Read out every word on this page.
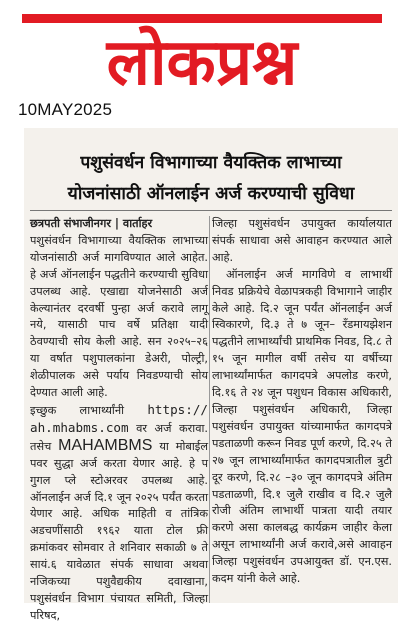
लोकप्रश्न
10MAY2025
पशुसंवर्धन विभागाच्या वैयक्तिक लाभाच्या
योजनांसाठी ऑनलाईन अर्ज करण्याची सुविधा

छत्रपती संभाजीनगर | वार्ताहर

पशुसंवर्धन विभागाच्या वैयक्तिक लाभाच्या योजनांसाठी अर्ज मागविण्यात आले आहेत. हे अर्ज ऑनलाईन पद्धतीने करण्याची सुविधा उपलब्ध आहे. एखाद्या योजनेसाठी अर्ज केल्यानंतर दरवर्षी पुन्हा अर्ज करावे लागू नये, यासाठी पाच वर्षे प्रतिक्षा यादी ठेवण्याची सोय केली आहे. सन २०२५–२६ या वर्षात पशुपालकांना डेअरी, पोल्ट्री, शेळीपालक असे पर्याय निवडण्याची सोय देण्यात आली आहे.

इच्छुक लाभार्थ्यांनी https:// ah.mhabms.com वर अर्ज करावा. तसेच MAHAMBMS या मोबाईल पवर सुद्धा अर्ज करता येणार आहे. हे प गुगल प्ले स्टोअरवर उपलब्ध आहे. ऑनलाईन अर्ज दि.१ जून २०२५ पर्यंत करता येणार आहे. अधिक माहिती व तांत्रिक अडचणींसाठी १९६२ याता टोल फ्री क्रमांकवर सोमवार ते शनिवार सकाळी ७ ते सायं.६ यावेळात संपर्क साधावा अथवा नजिकच्या पशुवैद्यकीय दवाखाना, पशुसंवर्धन विभाग पंचायत समिती, जिल्हा परिषद,

जिल्हा पशुसंवर्धन उपायुक्त कार्यालयात संपर्क साधावा असे आवाहन करण्यात आले आहे.

ऑनलाईन अर्ज मागविणे व लाभार्थी निवड प्रक्रियेचे वेळापत्रकही विभागाने जाहीर केले आहे. दि.२ जून पर्यंत ऑनलाईन अर्ज स्विकारणे, दि.३ ते ७ जून– रँडमायझेशन पद्धतीने लाभार्थ्यांची प्राथमिक निवड, दि.८ ते १५ जून मागील वर्षी तसेच या वर्षीच्या लाभार्थ्यांमार्फत कागदपत्रे अपलोड करणे, दि.१६ ते २४ जून पशुधन विकास अधिकारी, जिल्हा पशुसंवर्धन अधिकारी, जिल्हा पशुसंवर्धन उपायुक्त यांच्यामार्फत कागदपत्रे पडताळणी करून निवड पूर्ण करणे, दि.२५ ते २७ जून लाभार्थ्यांमार्फत कागदपत्रातील त्रुटी दूर करणे, दि.२८ –३० जून कागदपत्रे अंतिम पडताळणी, दि.१ जुलै राखीव व दि.२ जुलै रोजी अंतिम लाभार्थी पात्रता यादी तयार करणे असा कालबद्ध कार्यक्रम जाहीर केला असून लाभार्थ्यांनी अर्ज करावे,असे आवाहन जिल्हा पशुसंवर्धन उपआयुक्त डॉ. एन.एस. कदम यांनी केले आहे.
